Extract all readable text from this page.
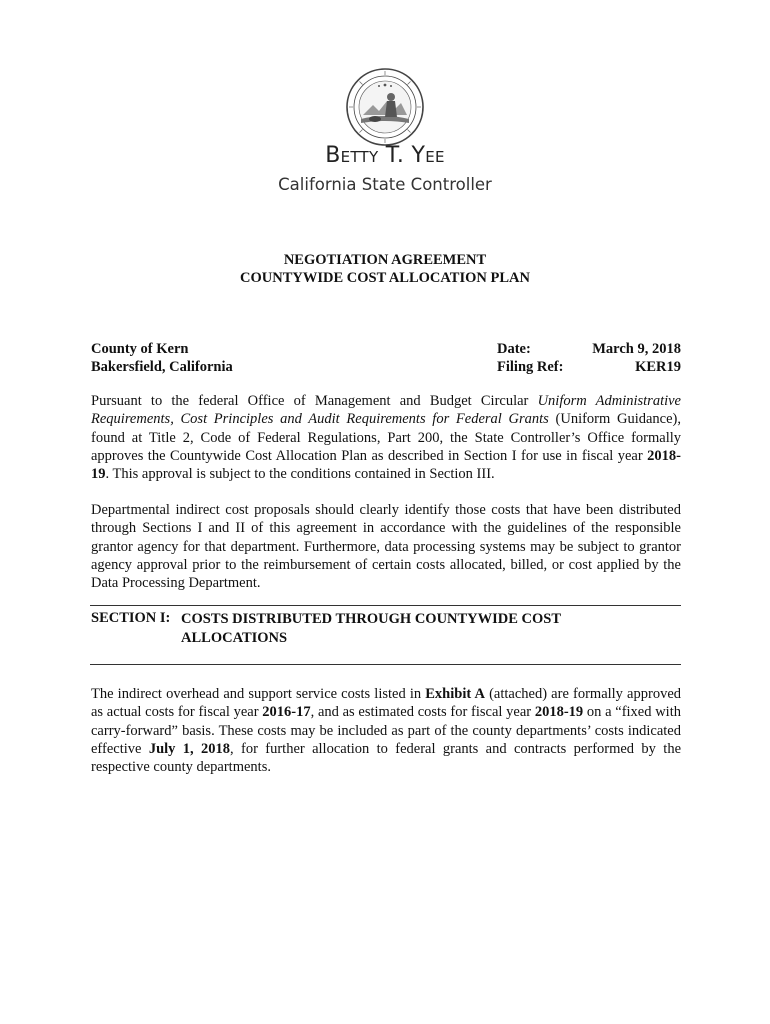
Betty T. Yee
California State Controller
NEGOTIATION AGREEMENT
COUNTYWIDE COST ALLOCATION PLAN
County of Kern
Bakersfield, California
Date:
Filing Ref:
March 9, 2018
KER19

Pursuant to the federal Office of Management and Budget Circular Uniform Administrative Requirements, Cost Principles and Audit Requirements for Federal Grants (Uniform Guidance), found at Title 2, Code of Federal Regulations, Part 200, the State Controller’s Office formally approves the Countywide Cost Allocation Plan as described in Section I for use in fiscal year 2018-19. This approval is subject to the conditions contained in Section III.

Departmental indirect cost proposals should clearly identify those costs that have been distributed through Sections I and II of this agreement in accordance with the guidelines of the responsible grantor agency for that department. Furthermore, data processing systems may be subject to grantor agency approval prior to the reimbursement of certain costs allocated, billed, or cost applied by the Data Processing Department.

SECTION I: COSTS DISTRIBUTED THROUGH COUNTYWIDE COST ALLOCATIONS

The indirect overhead and support service costs listed in Exhibit A (attached) are formally approved as actual costs for fiscal year 2016-17, and as estimated costs for fiscal year 2018-19 on a “fixed with carry-forward” basis. These costs may be included as part of the county departments’ costs indicated effective July 1, 2018, for further allocation to federal grants and contracts performed by the respective county departments.
